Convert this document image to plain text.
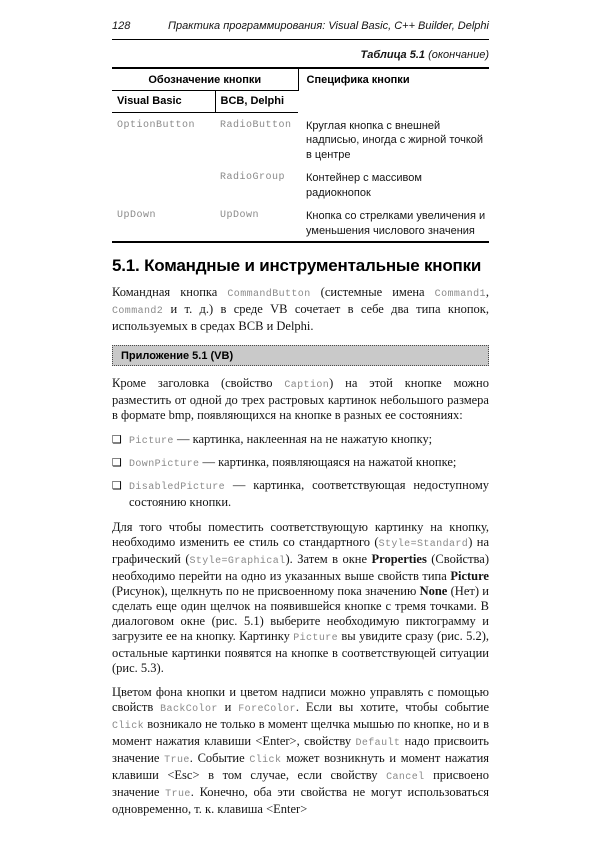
128	Практика программирования: Visual Basic, C++ Builder, Delphi
Таблица 5.1 (окончание)
Обозначение кнопки		Специфика кнопки
Visual Basic	BCB, Delphi	
OptionButton	RadioButton	Круглая кнопка с внешней надписью, иногда с жирной точкой в центре
	RadioGroup	Контейнер с массивом радиокнопок
UpDown	UpDown	Кнопка со стрелками увеличения и уменьшения числового значения
5.1. Командные и инструментальные кнопки

Командная кнопка CommandButton (системные имена Command1, Command2 и т. д.) в среде VB сочетает в себе два типа кнопок, используемых в средах BCB и Delphi.

Приложение 5.1 (VB)

Кроме заголовка (свойство Caption) на этой кнопке можно разместить от одной до трех растровых картинок небольшого размера в формате bmp, появляющихся на кнопке в разных ее состояниях:

❑ Picture — картинка, наклеенная на не нажатую кнопку;
❑ DownPicture — картинка, появляющаяся на нажатой кнопке;
❑ DisabledPicture — картинка, соответствующая недоступному состоянию кнопки.

Для того чтобы поместить соответствующую картинку на кнопку, необходимо изменить ее стиль со стандартного (Style=Standard) на графический (Style=Graphical). Затем в окне Properties (Свойства) необходимо перейти на одно из указанных выше свойств типа Picture (Рисунок), щелкнуть по не присвоенному пока значению None (Нет) и сделать еще один щелчок на появившейся кнопке с тремя точками. В диалоговом окне (рис. 5.1) выберите необходимую пиктограмму и загрузите ее на кнопку. Картинку Picture вы увидите сразу (рис. 5.2), остальные картинки появятся на кнопке в соответствующей ситуации (рис. 5.3).

Цветом фона кнопки и цветом надписи можно управлять с помощью свойств BackColor и ForeColor. Если вы хотите, чтобы событие Click возникало не только в момент щелчка мышью по кнопке, но и в момент нажатия клавиши <Enter>, свойству Default надо присвоить значение True. Событие Click может возникнуть и момент нажатия клавиши <Esc> в том случае, если свойству Cancel присвоено значение True. Конечно, оба эти свойства не могут использоваться одновременно, т. к. клавиша <Enter>
